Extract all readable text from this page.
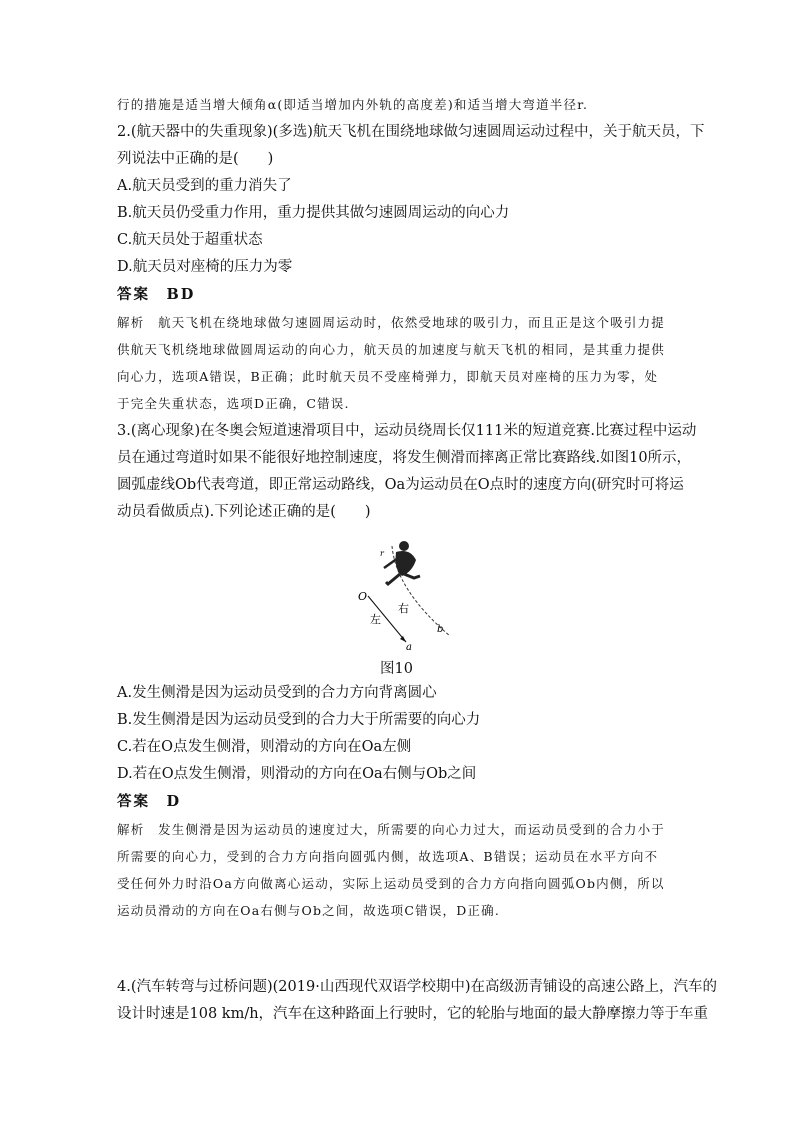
行的措施是适当增大倾角α(即适当增加内外轨的高度差)和适当增大弯道半径r.
2.(航天器中的失重现象)(多选)航天飞机在围绕地球做匀速圆周运动过程中，关于航天员，下
列说法中正确的是(　　)
A.航天员受到的重力消失了
B.航天员仍受重力作用，重力提供其做匀速圆周运动的向心力
C.航天员处于超重状态
D.航天员对座椅的压力为零
答案　BD
解析　航天飞机在绕地球做匀速圆周运动时，依然受地球的吸引力，而且正是这个吸引力提
供航天飞机绕地球做圆周运动的向心力，航天员的加速度与航天飞机的相同，是其重力提供
向心力，选项A错误，B正确；此时航天员不受座椅弹力，即航天员对座椅的压力为零，处
于完全失重状态，选项D正确，C错误.
3.(离心现象)在冬奥会短道速滑项目中，运动员绕周长仅111米的短道竞赛.比赛过程中运动
员在通过弯道时如果不能很好地控制速度，将发生侧滑而摔离正常比赛路线.如图10所示，
圆弧虚线Ob代表弯道，即正常运动路线，Oa为运动员在O点时的速度方向(研究时可将运
动员看做质点).下列论述正确的是(　　)
O
a
b
左
右
r
图10
A.发生侧滑是因为运动员受到的合力方向背离圆心
B.发生侧滑是因为运动员受到的合力大于所需要的向心力
C.若在O点发生侧滑，则滑动的方向在Oa左侧
D.若在O点发生侧滑，则滑动的方向在Oa右侧与Ob之间
答案　D
解析　发生侧滑是因为运动员的速度过大，所需要的向心力过大，而运动员受到的合力小于
所需要的向心力，受到的合力方向指向圆弧内侧，故选项A、B错误；运动员在水平方向不
受任何外力时沿Oa方向做离心运动，实际上运动员受到的合力方向指向圆弧Ob内侧，所以
运动员滑动的方向在Oa右侧与Ob之间，故选项C错误，D正确.
4.(汽车转弯与过桥问题)(2019·山西现代双语学校期中)在高级沥青铺设的高速公路上，汽车的
设计时速是108 km/h，汽车在这种路面上行驶时，它的轮胎与地面的最大静摩擦力等于车重
